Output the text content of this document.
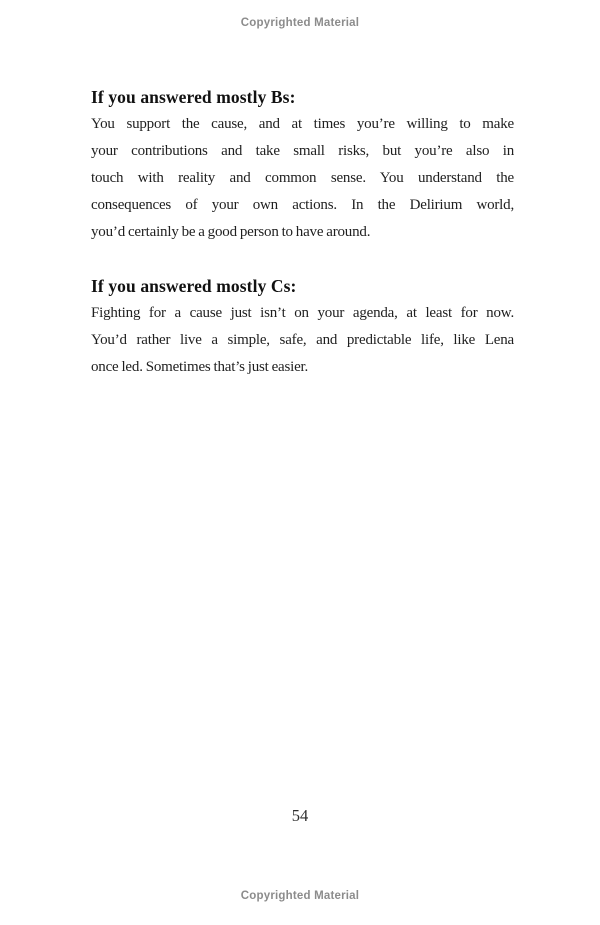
Copyrighted Material
If you answered mostly Bs:

You support the cause, and at times you’re willing to make

your contributions and take small risks, but you’re also in

touch with reality and common sense. You understand the

consequences of your own actions. In the Delirium world,

you’d certainly be a good person to have around.

If you answered mostly Cs:

Fighting for a cause just isn’t on your agenda, at least for now.

You’d rather live a simple, safe, and predictable life, like Lena

once led. Sometimes that’s just easier.

54
Copyrighted Material
